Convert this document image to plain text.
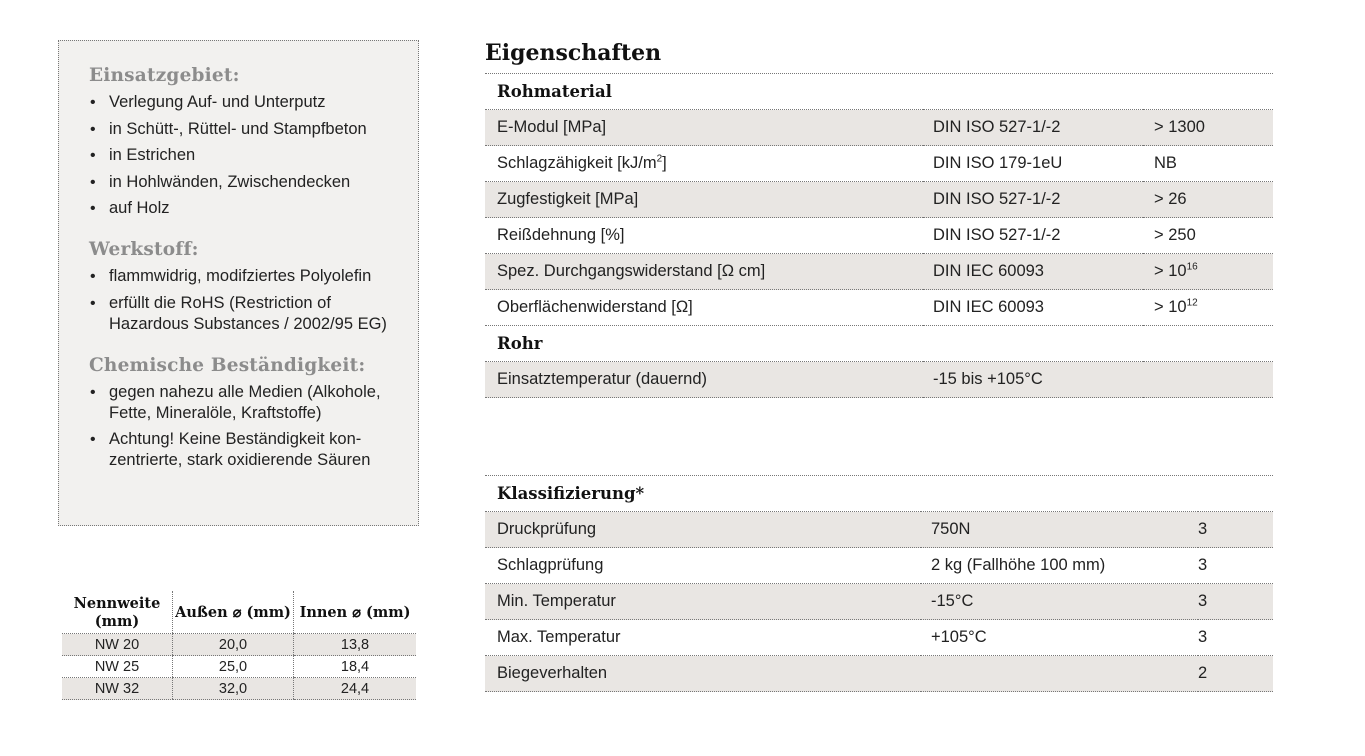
Einsatzgebiet:
• Verlegung Auf- und Unterputz
• in Schütt-, Rüttel- und Stampfbeton
• in Estrichen
• in Hohlwänden, Zwischendecken
• auf Holz
Werkstoff:
• flammwidrig, modifziertes Polyolefin
• erfüllt die RoHS (Restriction of Hazardous Substances / 2002/95 EG)
Chemische Beständigkeit:
• gegen nahezu alle Medien (Alkohole, Fette, Mineralöle, Kraftstoffe)
• Achtung! Keine Beständigkeit kon- zentrierte, stark oxidierende Säuren
Nennweite (mm)	Außen ⌀ (mm)	Innen ⌀ (mm)
NW 20	20,0	13,8
NW 25	25,0	18,4
NW 32	32,0	24,4
Eigenschaften
Rohmaterial		
E-Modul [MPa]	DIN ISO 527-1/-2	> 1300
Schlagzähigkeit $[kJ/m^2]$	DIN ISO 179-1eU	NB
Zugfestigkeit [MPa]	DIN ISO 527-1/-2	> 26
Reißdehnung [%]	DIN ISO 527-1/-2	> 250
Spez. Durchgangswiderstand [Ω cm]	DIN IEC 60093	> $10^{16}$
Oberflächenwiderstand [Ω]	DIN IEC 60093	> $10^{12}$
Rohr		
Einsatztemperatur (dauernd)	-15 bis +105°C	
Klassifizierung*		
Druckprüfung	750N	3
Schlagprüfung	2 kg (Fallhöhe 100 mm)	3
Min. Temperatur	-15°C	3
Max. Temperatur	+105°C	3
Biegeverhalten		2
